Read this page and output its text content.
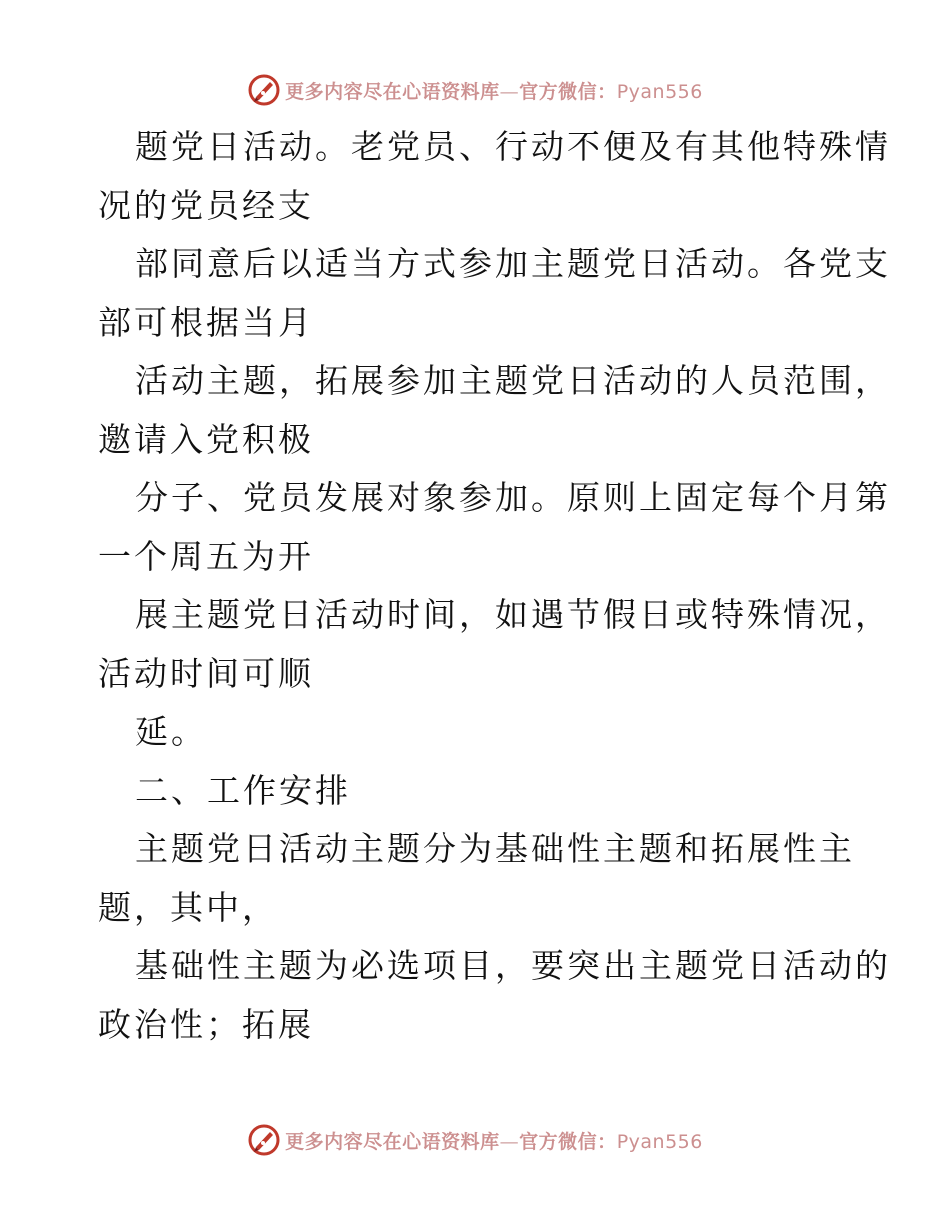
更多内容尽在心语资料库—官方微信：Pyan556
题党日活动。老党员、行动不便及有其他特殊情
况的党员经支
部同意后以适当方式参加主题党日活动。各党支
部可根据当月
活动主题，拓展参加主题党日活动的人员范围，
邀请入党积极
分子、党员发展对象参加。原则上固定每个月第
一个周五为开
展主题党日活动时间，如遇节假日或特殊情况，
活动时间可顺
延。
二、工作安排
主题党日活动主题分为基础性主题和拓展性主
题，其中，
基础性主题为必选项目，要突出主题党日活动的
政治性；拓展
更多内容尽在心语资料库—官方微信：Pyan556
